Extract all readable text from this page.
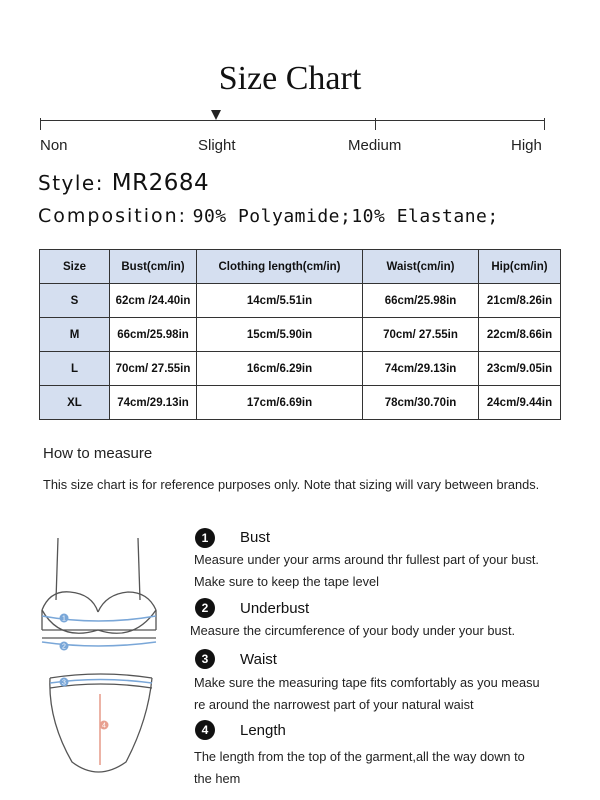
Size Chart
Non	Slight	Medium	High
Style: MR2684
Composition: 90% Polyamide;10% Elastane;
Size	Bust(cm/in)	Clothing length(cm/in)	Waist(cm/in)	Hip(cm/in)
S	62cm /24.40in	14cm/5.51in	66cm/25.98in	21cm/8.26in
M	66cm/25.98in	15cm/5.90in	70cm/ 27.55in	22cm/8.66in
L	70cm/ 27.55in	16cm/6.29in	74cm/29.13in	23cm/9.05in
XL	74cm/29.13in	17cm/6.69in	78cm/30.70in	24cm/9.44in
How to measure
This size chart is for reference purposes only. Note that sizing will vary between brands.
1
2
3
4
1	Bust
Measure under your arms around thr fullest part of your bust.
Make sure to keep the tape level
2	Underbust
Measure the circumference of your body under your bust.
3	Waist
Make sure the measuring tape fits comfortably as you measu
re around the narrowest part of your natural waist
4	Length
The length from the top of the garment,all the way down to
the hem
